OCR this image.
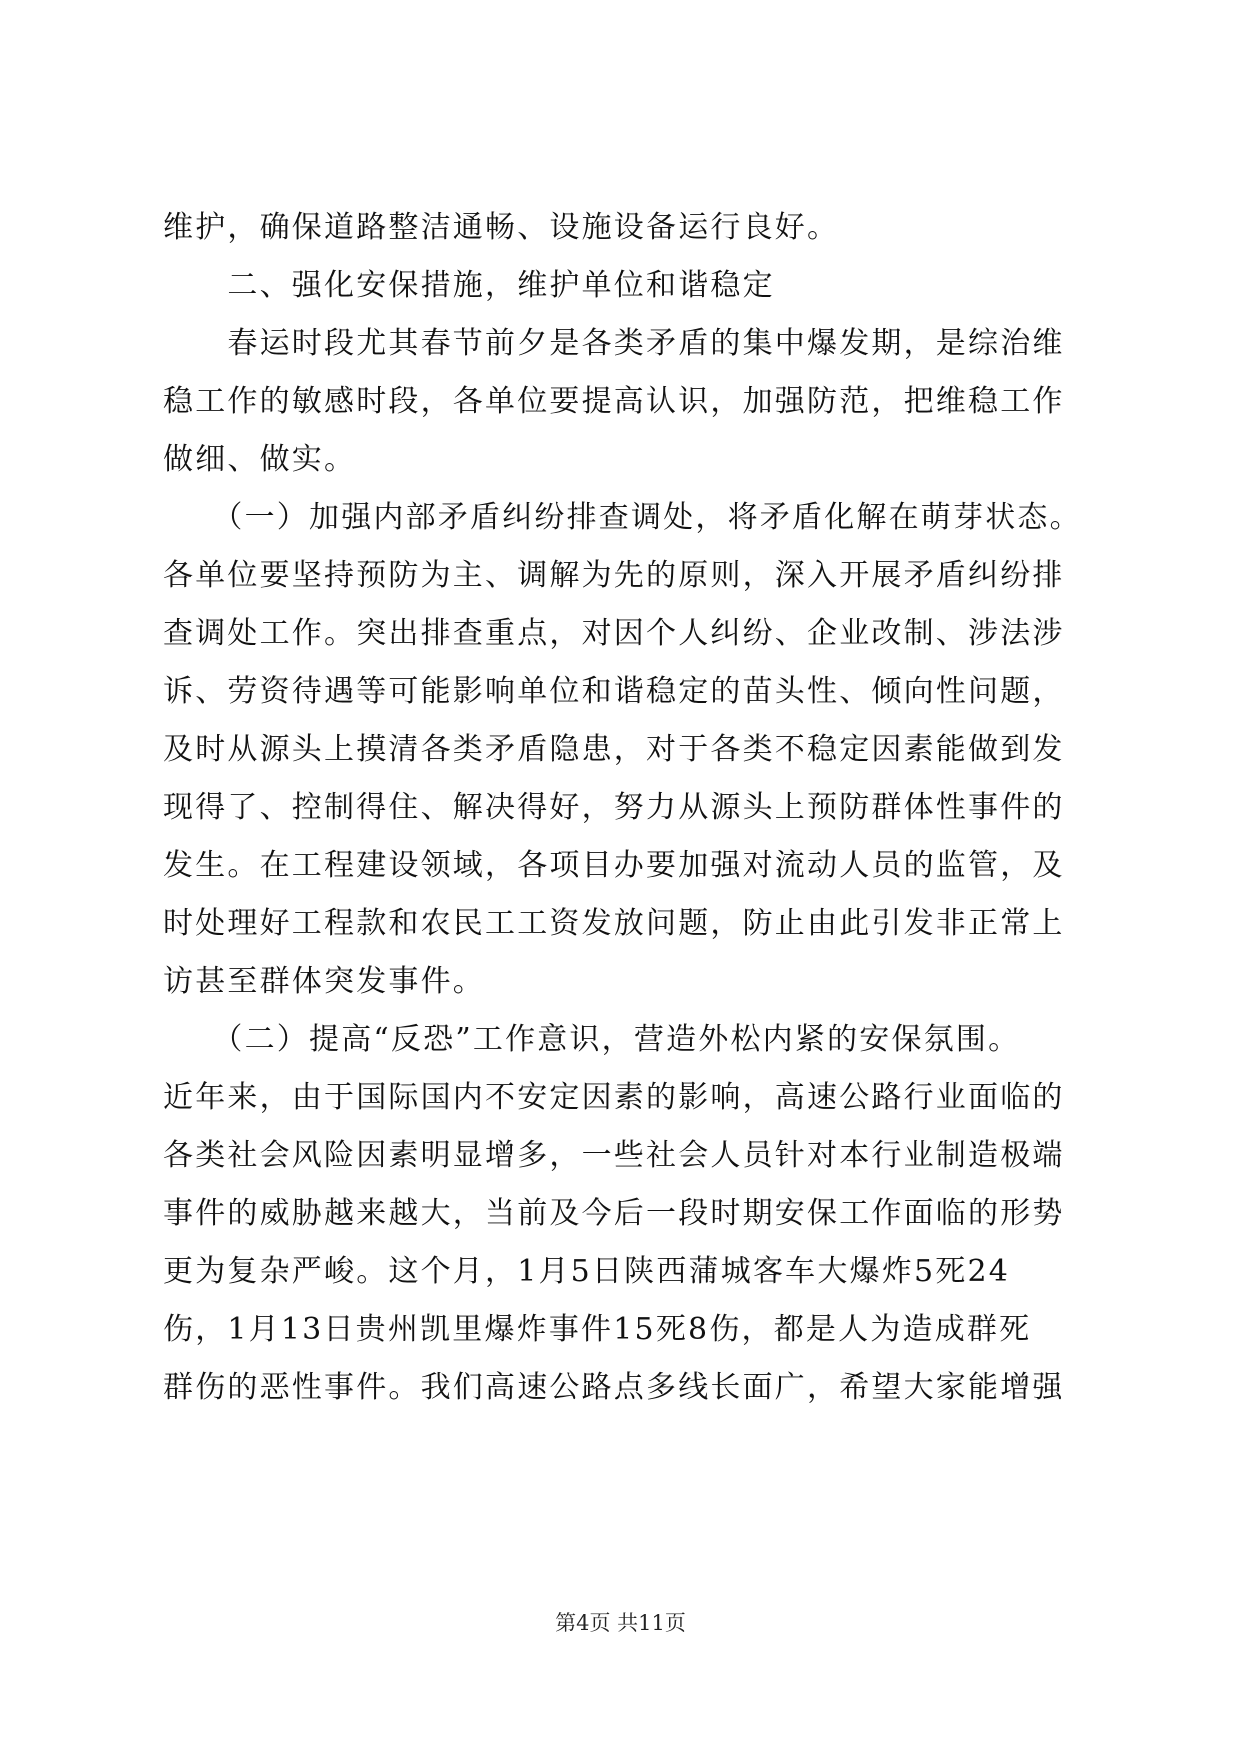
维护，确保道路整洁通畅、设施设备运行良好。
　　二、强化安保措施，维护单位和谐稳定
　　春运时段尤其春节前夕是各类矛盾的集中爆发期，是综治维
稳工作的敏感时段，各单位要提高认识，加强防范，把维稳工作
做细、做实。
　　（一）加强内部矛盾纠纷排查调处，将矛盾化解在萌芽状态。
各单位要坚持预防为主、调解为先的原则，深入开展矛盾纠纷排
查调处工作。突出排查重点，对因个人纠纷、企业改制、涉法涉
诉、劳资待遇等可能影响单位和谐稳定的苗头性、倾向性问题，
及时从源头上摸清各类矛盾隐患，对于各类不稳定因素能做到发
现得了、控制得住、解决得好，努力从源头上预防群体性事件的
发生。在工程建设领域，各项目办要加强对流动人员的监管，及
时处理好工程款和农民工工资发放问题，防止由此引发非正常上
访甚至群体突发事件。
　　（二）提高“反恐”工作意识，营造外松内紧的安保氛围。
近年来，由于国际国内不安定因素的影响，高速公路行业面临的
各类社会风险因素明显增多，一些社会人员针对本行业制造极端
事件的威胁越来越大，当前及今后一段时期安保工作面临的形势
更为复杂严峻。这个月，1月5日陕西蒲城客车大爆炸5死24
伤，1月13日贵州凯里爆炸事件15死8伤，都是人为造成群死
群伤的恶性事件。我们高速公路点多线长面广，希望大家能增强
第4页 共11页
